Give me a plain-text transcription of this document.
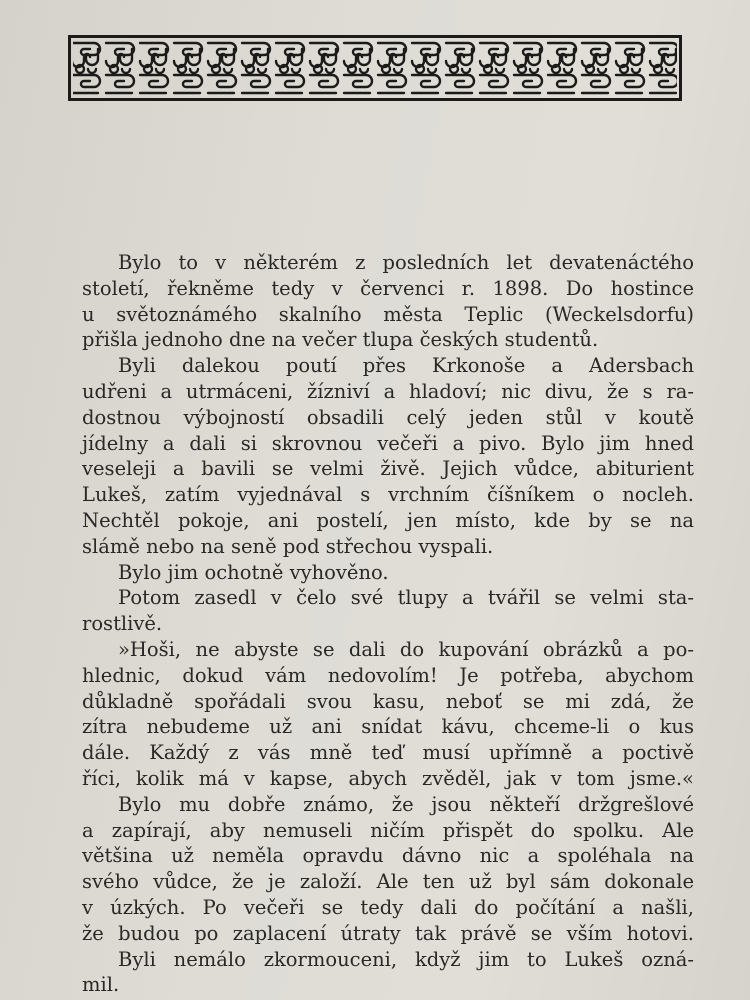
Bylo to v některém z posledních let devatenáctého
století, řekněme tedy v červenci r. 1898. Do hostince
u světoznámého skalního města Teplic (Weckelsdorfu)
přišla jednoho dne na večer tlupa českých studentů.
Byli dalekou poutí přes Krkonoše a Adersbach
udřeni a utrmáceni, žízniví a hladoví; nic divu, že s ra-
dostnou výbojností obsadili celý jeden stůl v koutě
jídelny a dali si skrovnou večeři a pivo. Bylo jim hned
veseleji a bavili se velmi živě. Jejich vůdce, abiturient
Lukeš, zatím vyjednával s vrchním číšníkem o nocleh.
Nechtěl pokoje, ani postelí, jen místo, kde by se na
slámě nebo na seně pod střechou vyspali.
Bylo jim ochotně vyhověno.
Potom zasedl v čelo své tlupy a tvářil se velmi sta-
rostlivě.
»Hoši, ne abyste se dali do kupování obrázků a po-
hlednic, dokud vám nedovolím! Je potřeba, abychom
důkladně spořádali svou kasu, neboť se mi zdá, že
zítra nebudeme už ani snídat kávu, chceme-li o kus
dále. Každý z vás mně teď musí upřímně a poctivě
říci, kolik má v kapse, abych zvěděl, jak v tom jsme.«
Bylo mu dobře známo, že jsou někteří držgrešlové
a zapírají, aby nemuseli ničím přispět do spolku. Ale
většina už neměla opravdu dávno nic a spoléhala na
svého vůdce, že je založí. Ale ten už byl sám dokonale
v úzkých. Po večeři se tedy dali do počítání a našli,
že budou po zaplacení útraty tak právě se vším hotovi.
Byli nemálo zkormouceni, když jim to Lukeš ozná-
mil.
